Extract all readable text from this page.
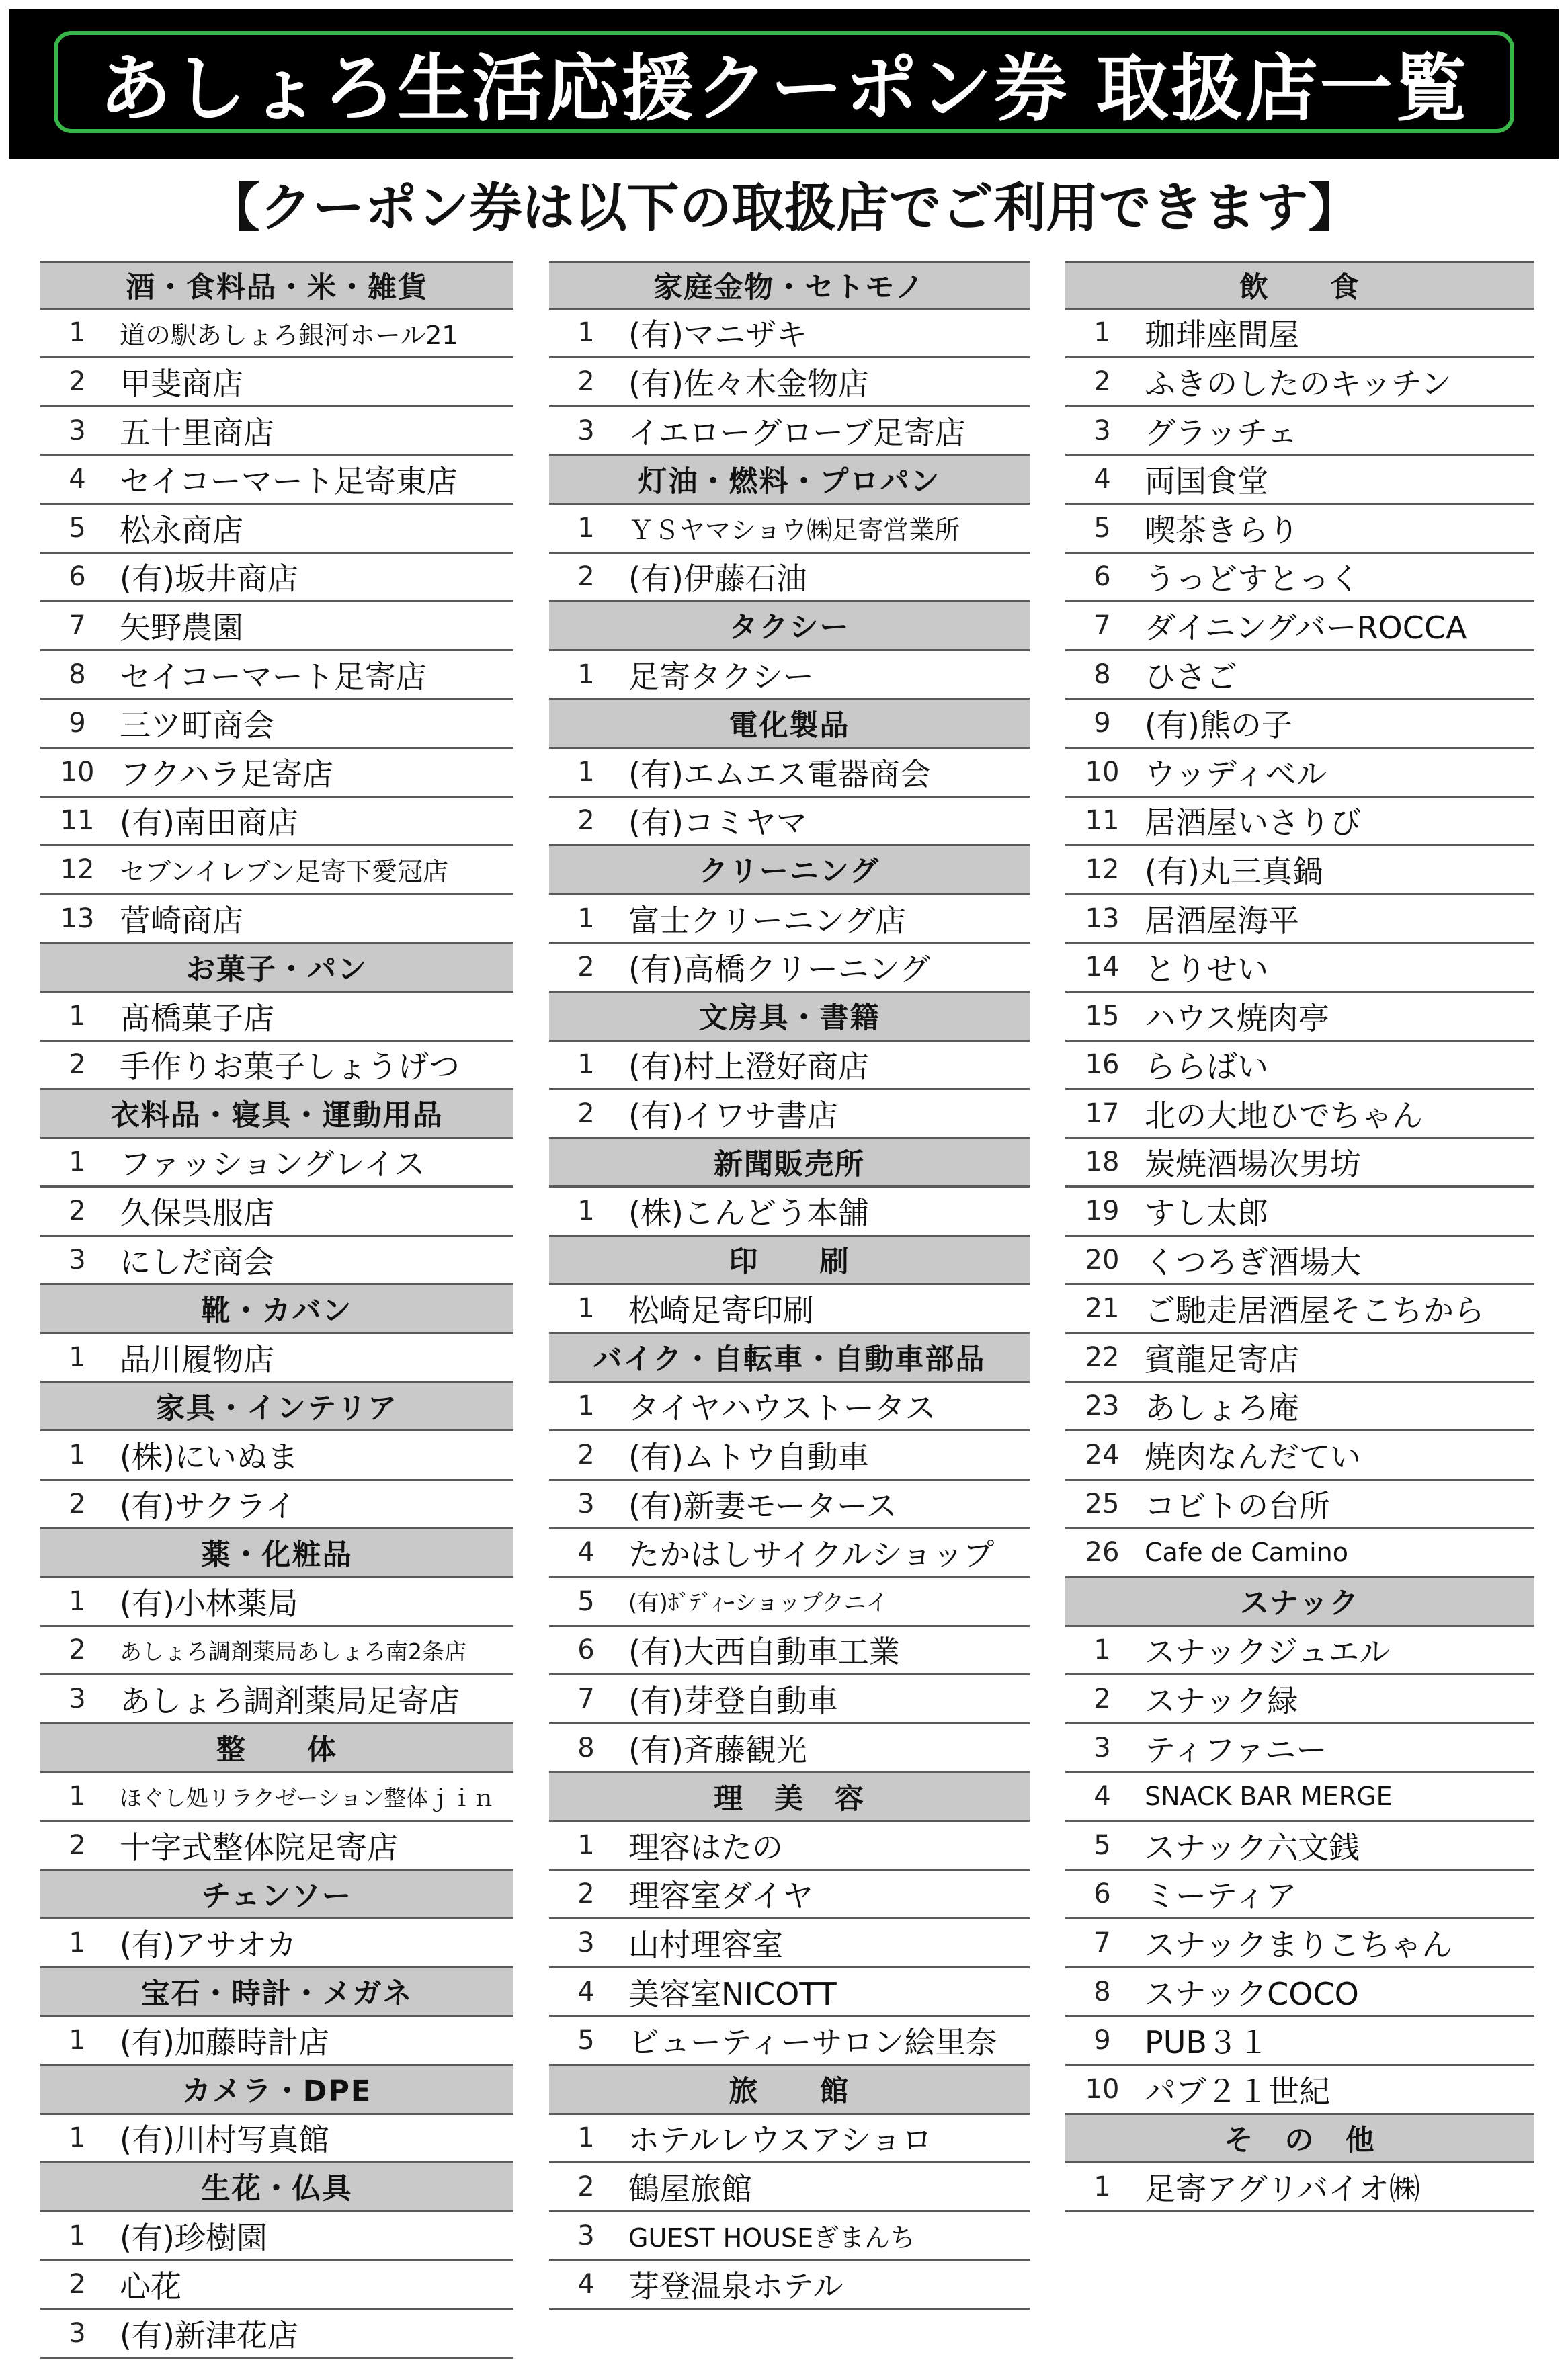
あしょろ生活応援クーポン券 取扱店一覧
【クーポン券は以下の取扱店でご利用できます】
酒・食料品・米・雑貨
1	道の駅あしょろ銀河ホール21
2	甲斐商店
3	五十里商店
4	セイコーマート足寄東店
5	松永商店
6	(有)坂井商店
7	矢野農園
8	セイコーマート足寄店
9	三ツ町商会
10 フクハラ足寄店
11 (有)南田商店
12 セブンイレブン足寄下愛冠店
13 菅崎商店
お菓子・パン
1	髙橋菓子店
2	手作りお菓子しょうげつ
衣料品・寝具・運動用品
1	ファッショングレイス
2	久保呉服店
3	にしだ商会
靴・カバン
1	品川履物店
家具・インテリア
1	(株)にいぬま
2	(有)サクライ
薬・化粧品
1	(有)小林薬局
2	あしょろ調剤薬局あしょろ南2条店
3	あしょろ調剤薬局足寄店
整　　体
1	ほぐし処リラクゼーション整体ｊｉｎ
2	十字式整体院足寄店
チェンソー
1	(有)アサオカ
宝石・時計・メガネ
1	(有)加藤時計店
カメラ・DPE
1	(有)川村写真館
生花・仏具
1	(有)珍樹園
2	心花
3	(有)新津花店
家庭金物・セトモノ
1	(有)マニザキ
2	(有)佐々木金物店
3	イエローグローブ足寄店
灯油・燃料・プロパン
1	ＹＳヤマショウ㈱足寄営業所
2	(有)伊藤石油
タクシー
1	足寄タクシー
電化製品
1	(有)エムエス電器商会
2	(有)コミヤマ
クリーニング
1	富士クリーニング店
2	(有)高橋クリーニング
文房具・書籍
1	(有)村上澄好商店
2	(有)イワサ書店
新聞販売所
1	(株)こんどう本舗
印　　刷
1	松崎足寄印刷
バイク・自転車・自動車部品
1	タイヤハウストータス
2	(有)ムトウ自動車
3	(有)新妻モータース
4	たかはしサイクルショップ
5	(有)ﾎﾞﾃﾞｨｰショップクニイ
6	(有)大西自動車工業
7	(有)芽登自動車
8	(有)斉藤観光
理　美　容
1	理容はたの
2	理容室ダイヤ
3	山村理容室
4	美容室NICOTT
5	ビューティーサロン絵里奈
旅　　館
1	ホテルレウスアショロ
2	鶴屋旅館
3	GUEST HOUSEぎまんち
4	芽登温泉ホテル
飲　　食
1	珈琲座間屋
2	ふきのしたのキッチン
3	グラッチェ
4	両国食堂
5	喫茶きらり
6	うっどすとっく
7	ダイニングバーROCCA
8	ひさご
9	(有)熊の子
10 ウッディベル
11 居酒屋いさりび
12 (有)丸三真鍋
13 居酒屋海平
14 とりせい
15 ハウス焼肉亭
16 ららばい
17 北の大地ひでちゃん
18 炭焼酒場次男坊
19 すし太郎
20 くつろぎ酒場大
21 ご馳走居酒屋そこちから
22 賓龍足寄店
23 あしょろ庵
24 焼肉なんだてい
25 コビトの台所
26 Cafe de Camino
スナック
1	スナックジュエル
2	スナック緑
3	ティファニー
4	SNACK BAR MERGE
5	スナック六文銭
6	ミーティア
7	スナックまりこちゃん
8	スナックCOCO
9	PUB３１
10 パブ２１世紀
そ　の　他
1	足寄アグリバイオ㈱
